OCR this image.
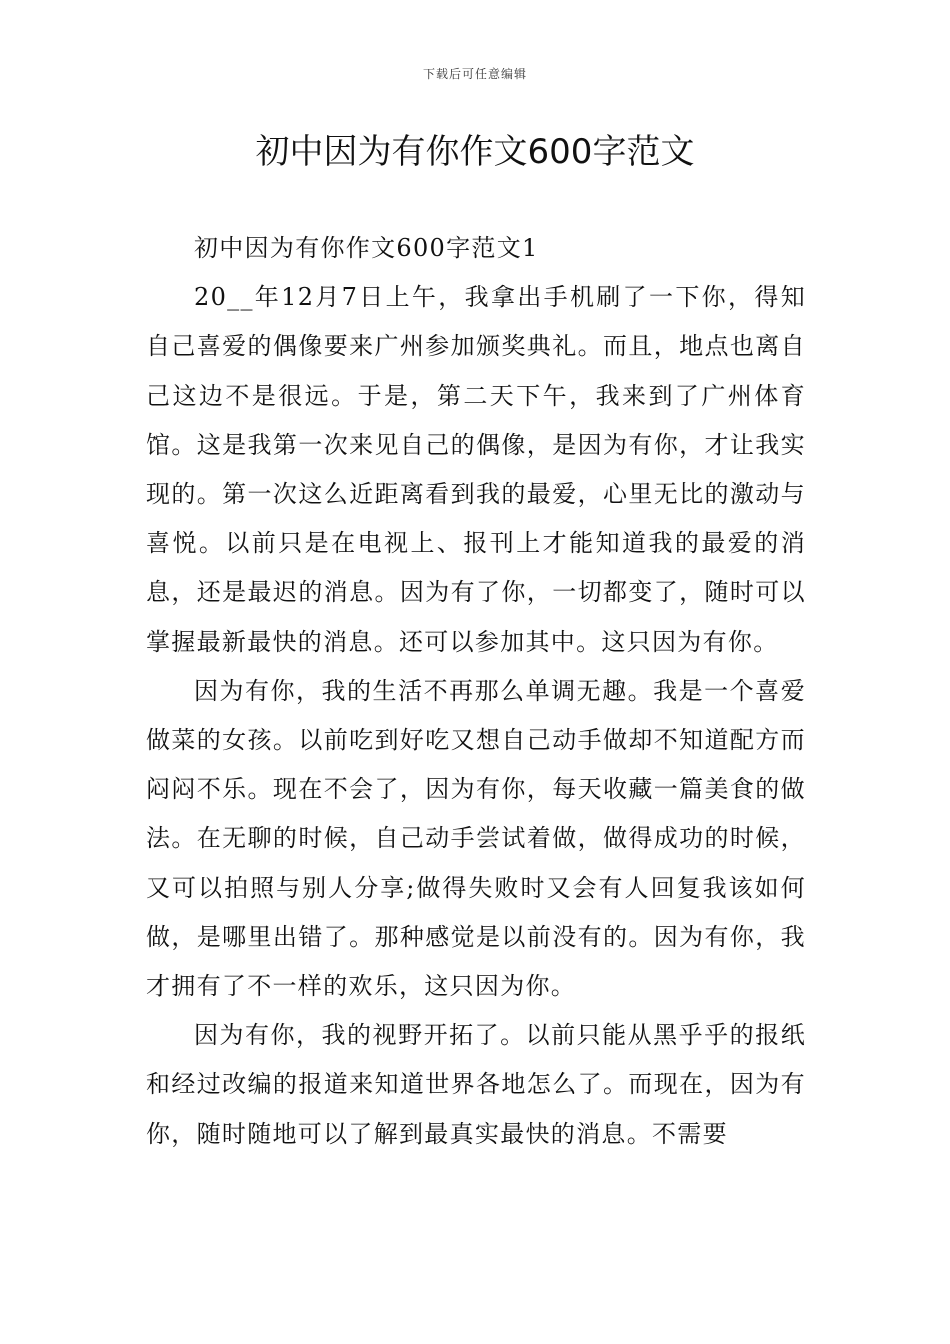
下载后可任意编辑
初中因为有你作文600字范文

初中因为有你作文600字范文1

20__年12月7日上午，我拿出手机刷了一下你，得知自己喜爱的偶像要来广州参加颁奖典礼。而且，地点也离自己这边不是很远。于是，第二天下午，我来到了广州体育馆。这是我第一次来见自己的偶像，是因为有你，才让我实现的。第一次这么近距离看到我的最爱，心里无比的激动与喜悦。以前只是在电视上、报刊上才能知道我的最爱的消息，还是最迟的消息。因为有了你，一切都变了，随时可以掌握最新最快的消息。还可以参加其中。这只因为有你。

因为有你，我的生活不再那么单调无趣。我是一个喜爱做菜的女孩。以前吃到好吃又想自己动手做却不知道配方而闷闷不乐。现在不会了，因为有你，每天收藏一篇美食的做法。在无聊的时候，自己动手尝试着做，做得成功的时候，又可以拍照与别人分享;做得失败时又会有人回复我该如何做，是哪里出错了。那种感觉是以前没有的。因为有你，我才拥有了不一样的欢乐，这只因为你。

因为有你，我的视野开拓了。以前只能从黑乎乎的报纸和经过改编的报道来知道世界各地怎么了。而现在，因为有你，随时随地可以了解到最真实最快的消息。不需要
